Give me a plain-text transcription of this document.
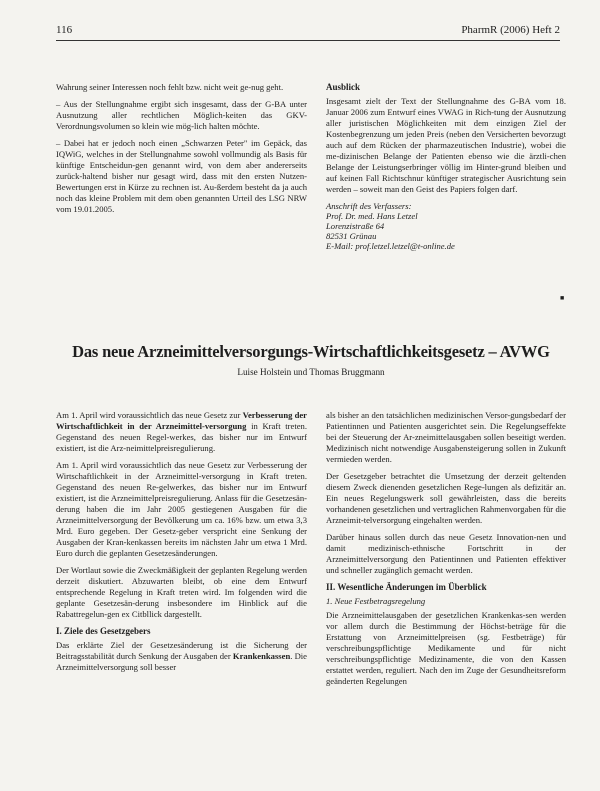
116	PharmR (2006) Heft 2

Wahrung seiner Interessen noch fehlt bzw. nicht weit ge-nug geht.

– Aus der Stellungnahme ergibt sich insgesamt, dass der G-BA unter Ausnutzung aller rechtlichen Möglich-keiten das GKV-Verordnungsvolumen so klein wie mög-lich halten möchte.

– Dabei hat er jedoch noch einen „Schwarzen Peter" im Gepäck, das IQWiG, welches in der Stellungnahme sowohl vollmundig als Basis für künftige Entscheidun-gen genannt wird, von dem aber andererseits zurück-haltend bisher nur gesagt wird, dass mit den ersten Nutzen-Bewertungen erst in Kürze zu rechnen ist. Au-ßerdem besteht da ja auch noch das kleine Problem mit dem oben genannten Urteil des LSG NRW vom 19.01.2005.

Ausblick

Insgesamt zielt der Text der Stellungnahme des G-BA vom 18. Januar 2006 zum Entwurf eines VWAG in Rich-tung der Ausnutzung aller juristischen Möglichkeiten mit dem einzigen Ziel der Kostenbegrenzung um jeden Preis (neben den Versicherten bevorzugt auch auf dem Rücken der pharmazeutischen Industrie), wobei die me-dizinischen Belange der Patienten ebenso wie die ärztli-chen Belange der Leistungserbringer völlig im Hinter-grund bleiben und auf keinen Fall Richtschnur künftiger strategischer Ausrichtung sein werden – soweit man den Geist des Papiers folgen darf.

Anschrift des Verfassers:
Prof. Dr. med. Hans Letzel
Lorenzistraße 64
82531 Grünau
E-Mail: prof.letzel.letzel@t-online.de
■
Das neue Arzneimittelversorgungs-Wirtschaftlichkeitsgesetz – AVWG
Luise Holstein und Thomas Bruggmann

Am 1. April wird voraussichtlich das neue Gesetz zur Verbesserung der Wirtschaftlichkeit in der Arzneimittel-versorgung in Kraft treten. Gegenstand des neuen Regel-werkes, das bisher nur im Entwurf existiert, ist die Arz-neimittelpreisregulierung.

Am 1. April wird voraussichtlich das neue Gesetz zur Verbesserung der Wirtschaftlichkeit in der Arzneimittel-versorgung in Kraft treten. Gegenstand des neuen Re-gelwerkes, das bisher nur im Entwurf existiert, ist die Arzneimittelpreisregulierung. Anlass für die Gesetzesän-derung haben die im Jahr 2005 gestiegenen Ausgaben für die Arzneimittelversorgung der Bevölkerung um ca. 16% bzw. um etwa 3,3 Mrd. Euro gegeben. Der Gesetz-geber verspricht eine Senkung der Ausgaben der Kran-kenkassen bereits im nächsten Jahr um etwa 1 Mrd. Euro durch die geplanten Gesetzesänderungen.

Der Wortlaut sowie die Zweckmäßigkeit der geplanten Regelung werden derzeit diskutiert. Abzuwarten bleibt, ob eine dem Entwurf entsprechende Regelung in Kraft treten wird. Im folgenden wird die geplante Gesetzesän-derung insbesondere im Hinblick auf die Rabattregelun-gen ex Citbllick dargestellt.

I. Ziele des Gesetzgebers

Das erklärte Ziel der Gesetzesänderung ist die Sicherung der Beitragsstabilität durch Senkung der Ausgaben der Krankenkassen. Die Arzneimittelversorgung soll besser

als bisher an den tatsächlichen medizinischen Versor-gungsbedarf der Patientinnen und Patienten ausgerichtet sein. Die Regelungseffekte bei der Steuerung der Ar-zneimittelausgaben sollen beseitigt werden. Medizinisch nicht notwendige Ausgabensteigerung sollen in Zukunft vermieden werden.

Der Gesetzgeber betrachtet die Umsetzung der derzeit geltenden diesem Zweck dienenden gesetzlichen Rege-lungen als defizitär an. Ein neues Regelungswerk soll gewährleisten, dass die bereits vorhandenen gesetzlichen und vertraglichen Rahmenvorgaben für die Arzneimit-telversorgung eingehalten werden.

Darüber hinaus sollen durch das neue Gesetz Innovation-nen und damit medizinisch-ethnische Fortschritt in der Arzneimittelversorgung den Patientinnen und Patienten effektiver und schneller zugänglich gemacht werden.

II. Wesentliche Änderungen im Überblick
1. Neue Festbetragsregelung

Die Arzneimittelausgaben der gesetzlichen Krankenkas-sen werden vor allem durch die Bestimmung der Höchst-beträge für die Erstattung von Arzneimittelpreisen (sg. Festbeträge) für verschreibungspflichtige Medikamente und für nicht verschreibungspflichtige Medizinamente, die von den Kassen erstattet werden, reguliert. Nach den im Zuge der Gesundheitsreform geänderten Regelungen
